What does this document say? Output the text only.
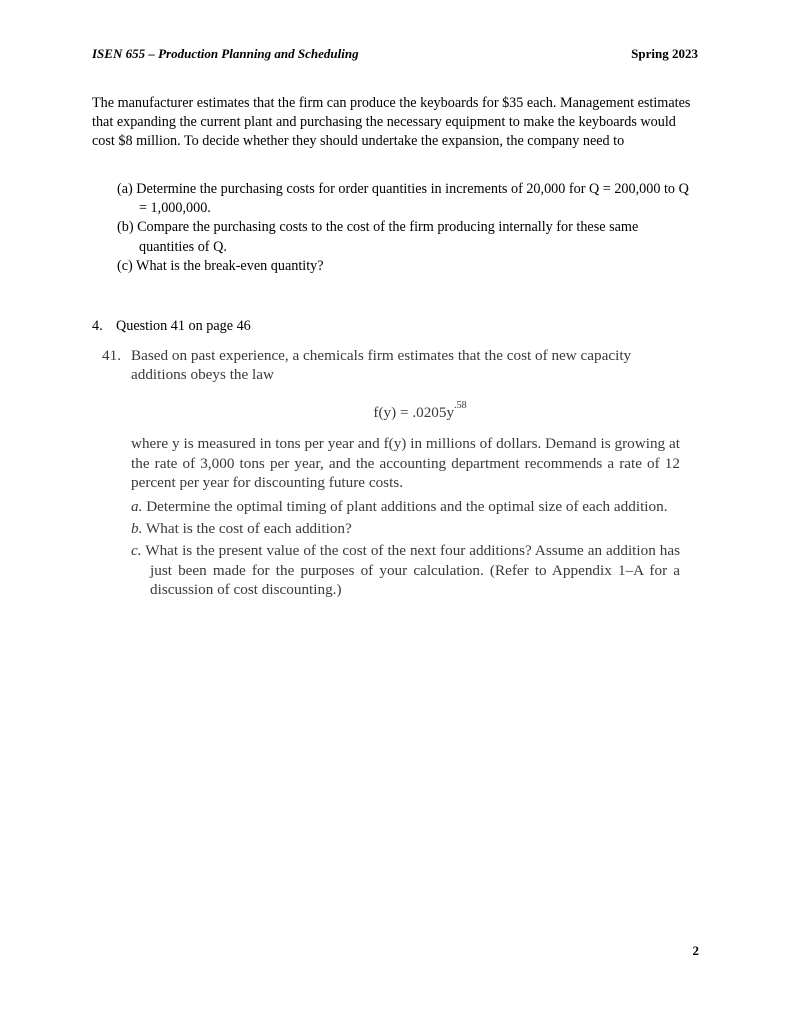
ISEN 655 – Production Planning and Scheduling	Spring 2023

The manufacturer estimates that the firm can produce the keyboards for $35 each. Management estimates that expanding the current plant and purchasing the necessary equipment to make the keyboards would cost $8 million. To decide whether they should undertake the expansion, the company need to

(a) Determine the purchasing costs for order quantities in increments of 20,000 for Q = 200,000 to Q = 1,000,000.

(b) Compare the purchasing costs to the cost of the firm producing internally for these same quantities of Q.

(c) What is the break-even quantity?

4. Question 41 on page 46
41. Based on past experience, a chemicals firm estimates that the cost of new capacity additions obeys the law
$f(y) = .0205y^{.58}$
where y is measured in tons per year and f(y) in millions of dollars. Demand is growing at the rate of 3,000 tons per year, and the accounting department recommends a rate of 12 percent per year for discounting future costs.

a. Determine the optimal timing of plant additions and the optimal size of each addition.

b. What is the cost of each addition?

c. What is the present value of the cost of the next four additions? Assume an addition has just been made for the purposes of your calculation. (Refer to Appendix 1–A for a discussion of cost discounting.)

2
